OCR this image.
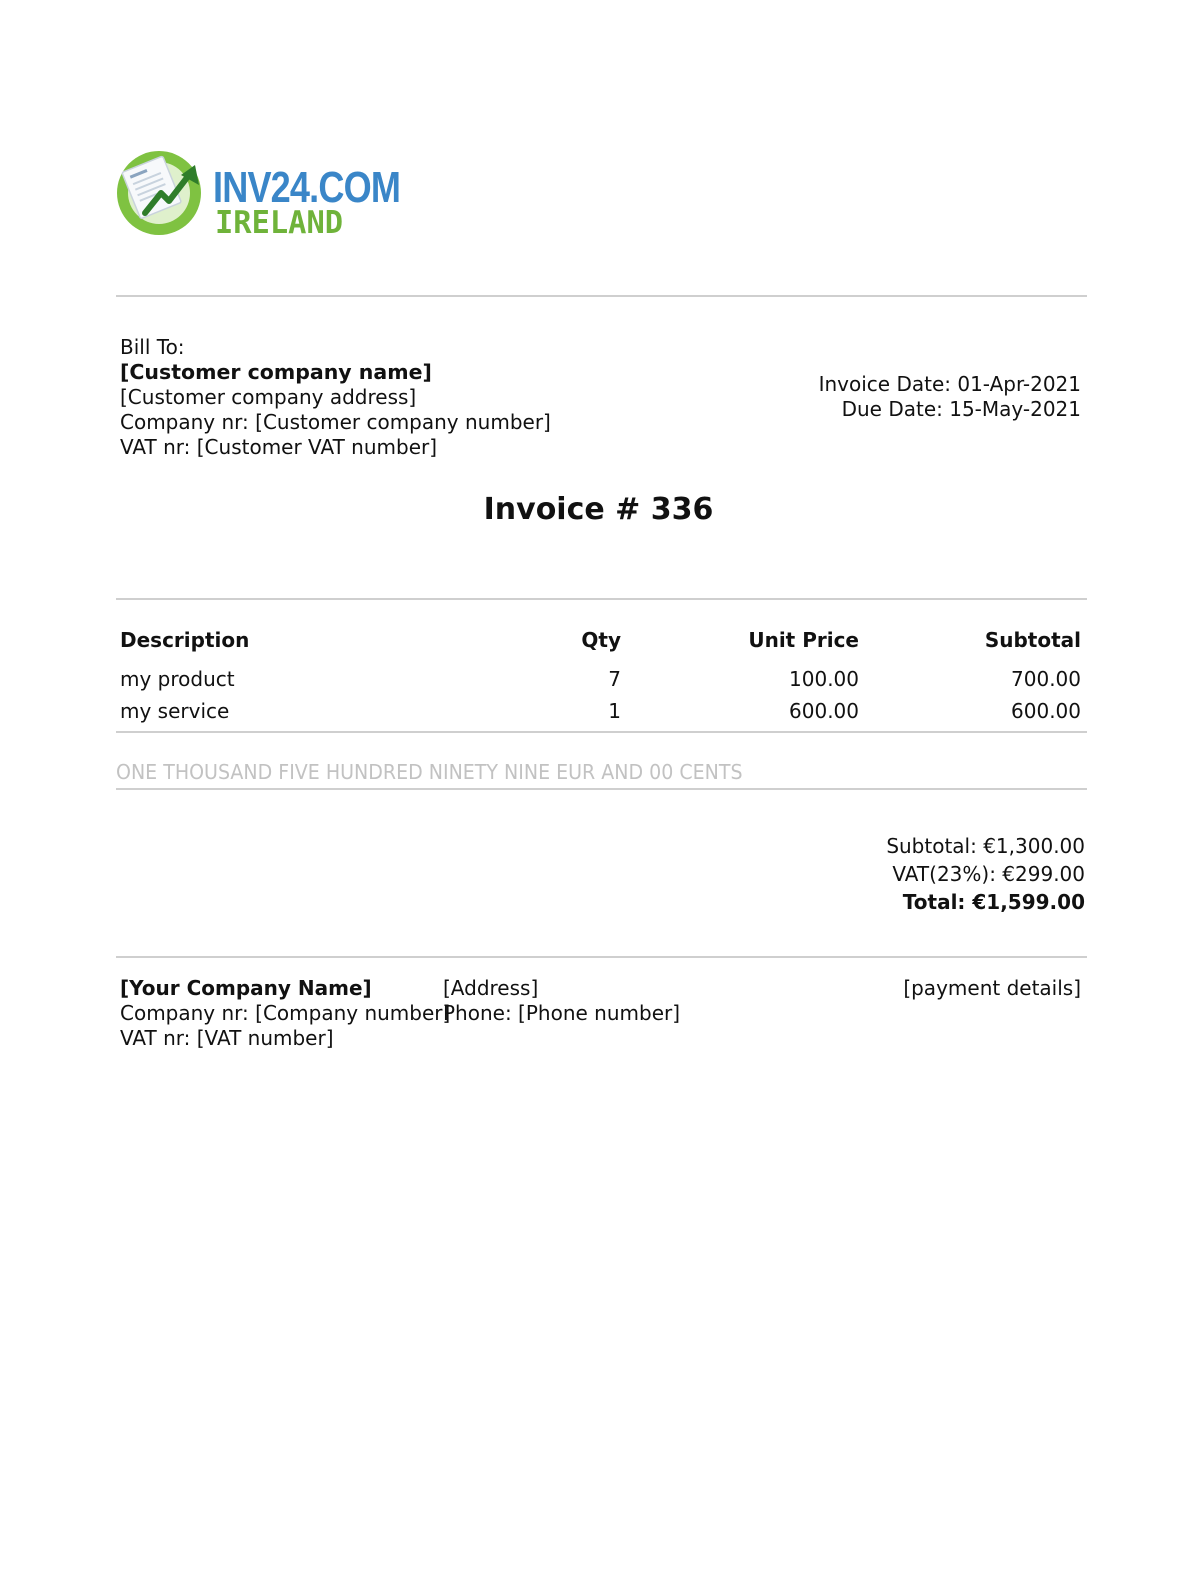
INV24.COM
IRELAND
Bill To:
[Customer company name]
[Customer company address]
Company nr: [Customer company number]
VAT nr: [Customer VAT number]
Invoice Date: 01-Apr-2021
Due Date: 15-May-2021
Invoice # 336
Description	Qty	Unit Price	Subtotal
my product	7	100.00	700.00
my service	1	600.00	600.00
ONE THOUSAND FIVE HUNDRED NINETY NINE EUR AND 00 CENTS
Subtotal: €1,300.00
VAT(23%): €299.00
Total: €1,599.00
[Your Company Name]
Company nr: [Company number]
VAT nr: [VAT number]
[Address]
Phone: [Phone number]
[payment details]
